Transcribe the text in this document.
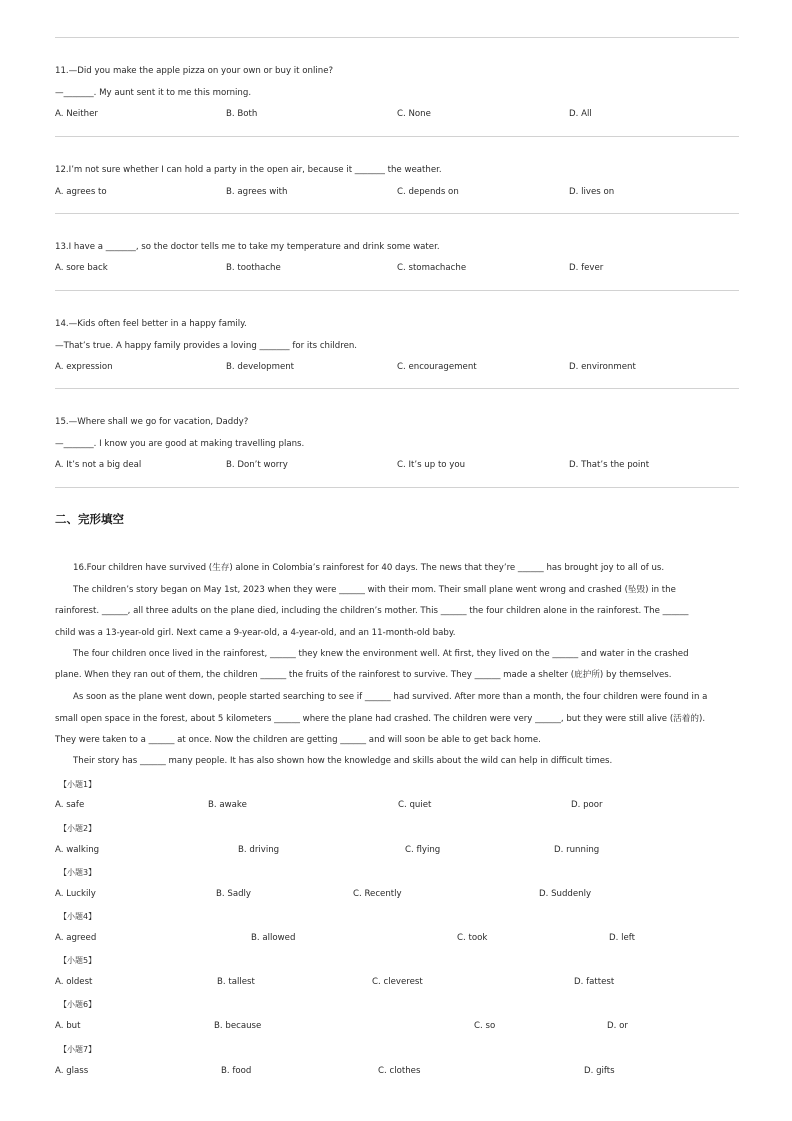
11.—Did you make the apple pizza on your own or buy it online?
—_______. My aunt sent it to me this morning.
A. Neither	B. Both	C. None	D. All
12.I’m not sure whether I can hold a party in the open air, because it _______ the weather.
A. agrees to	B. agrees with	C. depends on	D. lives on
13.I have a _______, so the doctor tells me to take my temperature and drink some water.
A. sore back	B. toothache	C. stomachache	D. fever
14.—Kids often feel better in a happy family.
—That’s true. A happy family provides a loving _______ for its children.
A. expression	B. development	C. encouragement	D. environment
15.—Where shall we go for vacation, Daddy?
—_______. I know you are good at making travelling plans.
A. It’s not a big deal	B. Don’t worry	C. It’s up to you	D. That’s the point
二、完形填空
16.Four children have survived (生存) alone in Colombia’s rainforest for 40 days. The news that they’re ______ has brought joy to all of us.
The children’s story began on May 1st, 2023 when they were ______ with their mom. Their small plane went wrong and crashed (坠毁) in the
rainforest. ______, all three adults on the plane died, including the children’s mother. This ______ the four children alone in the rainforest. The ______
child was a 13-year-old girl. Next came a 9-year-old, a 4-year-old, and an 11-month-old baby.
The four children once lived in the rainforest, ______ they knew the environment well. At first, they lived on the ______ and water in the crashed
plane. When they ran out of them, the children ______ the fruits of the rainforest to survive. They ______ made a shelter (庇护所) by themselves.
As soon as the plane went down, people started searching to see if ______ had survived. After more than a month, the four children were found in a
small open space in the forest, about 5 kilometers ______ where the plane had crashed. The children were very ______, but they were still alive (活着的).
They were taken to a ______ at once. Now the children are getting ______ and will soon be able to get back home.
Their story has ______ many people. It has also shown how the knowledge and skills about the wild can help in difficult times.
【小题1】
A. safe	B. awake	C. quiet	D. poor
【小题2】
A. walking	B. driving	C. flying	D. running
【小题3】
A. Luckily	B. Sadly	C. Recently	D. Suddenly
【小题4】
A. agreed	B. allowed	C. took	D. left
【小题5】
A. oldest	B. tallest	C. cleverest	D. fattest
【小题6】
A. but	B. because	C. so	D. or
【小题7】
A. glass	B. food	C. clothes	D. gifts
